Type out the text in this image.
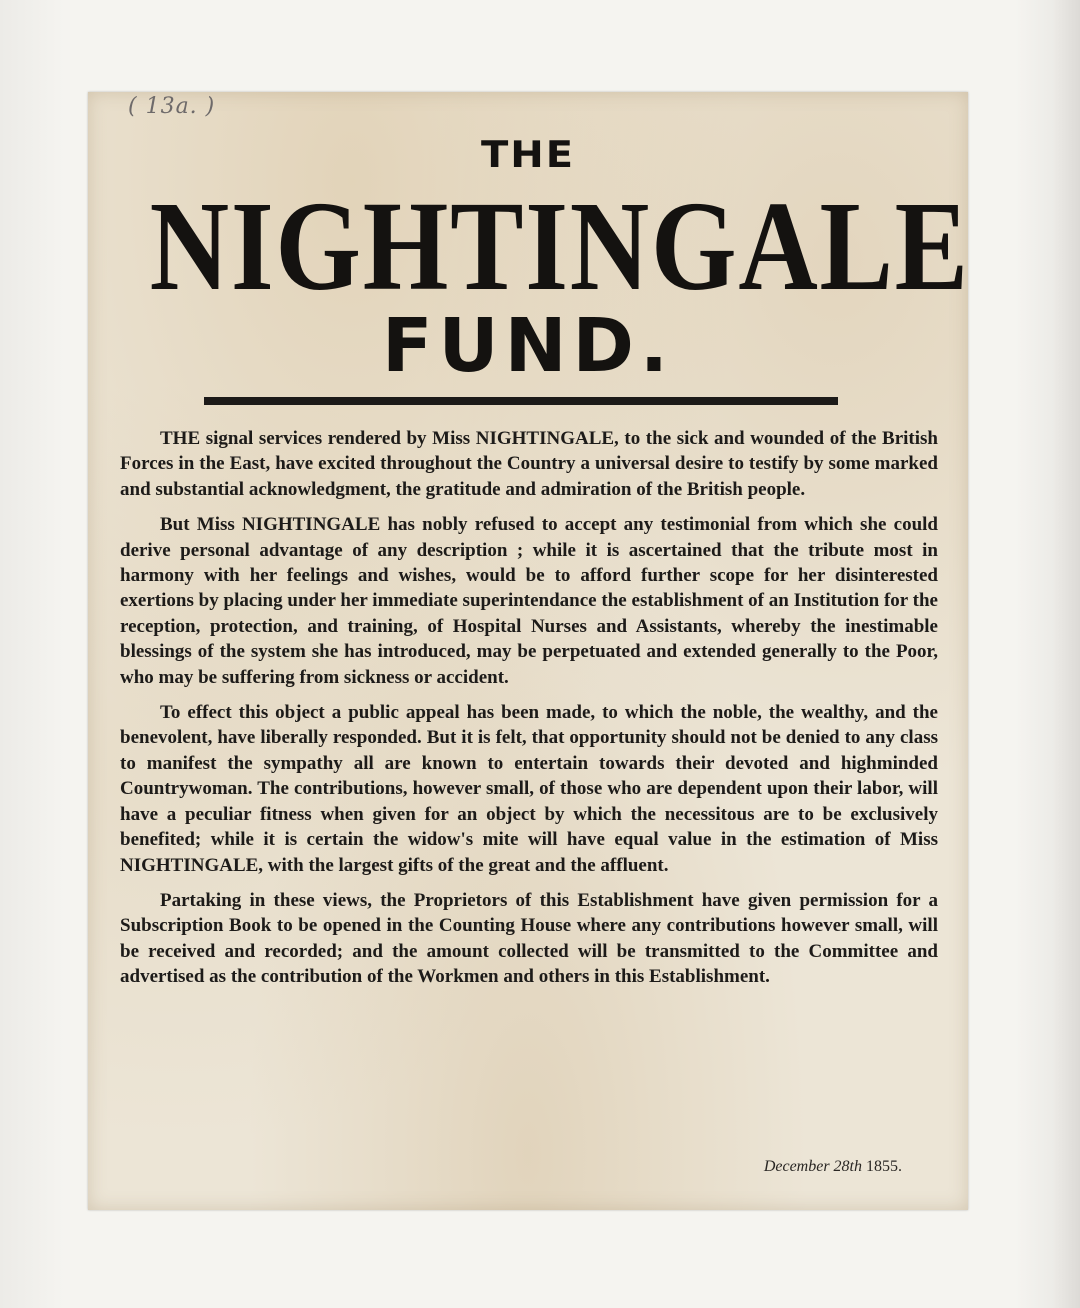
( 13a. )
THE
NIGHTINGALE
FUND.

THE signal services rendered by Miss NIGHTINGALE, to the sick and wounded of the British Forces in the East, have excited throughout the Country a universal desire to testify by some marked and substantial acknowledgment, the gratitude and admiration of the British people.

But Miss NIGHTINGALE has nobly refused to accept any testimonial from which she could derive personal advantage of any description ; while it is ascertained that the tribute most in harmony with her feelings and wishes, would be to afford further scope for her disinterested exertions by placing under her immediate superintendance the establishment of an Institution for the reception, protection, and training, of Hospital Nurses and Assistants, whereby the inestimable blessings of the system she has introduced, may be perpetuated and extended generally to the Poor, who may be suffering from sickness or accident.

To effect this object a public appeal has been made, to which the noble, the wealthy, and the benevolent, have liberally responded. But it is felt, that opportunity should not be denied to any class to manifest the sympathy all are known to entertain towards their devoted and highminded Countrywoman. The contributions, however small, of those who are dependent upon their labor, will have a peculiar fitness when given for an object by which the necessitous are to be exclusively benefited; while it is certain the widow's mite will have equal value in the estimation of Miss NIGHTINGALE, with the largest gifts of the great and the affluent.

Partaking in these views, the Proprietors of this Establishment have given permission for a Subscription Book to be opened in the Counting House where any contributions however small, will be received and recorded; and the amount collected will be transmitted to the Committee and advertised as the contribution of the Workmen and others in this Establishment.

December 28th 1855.
